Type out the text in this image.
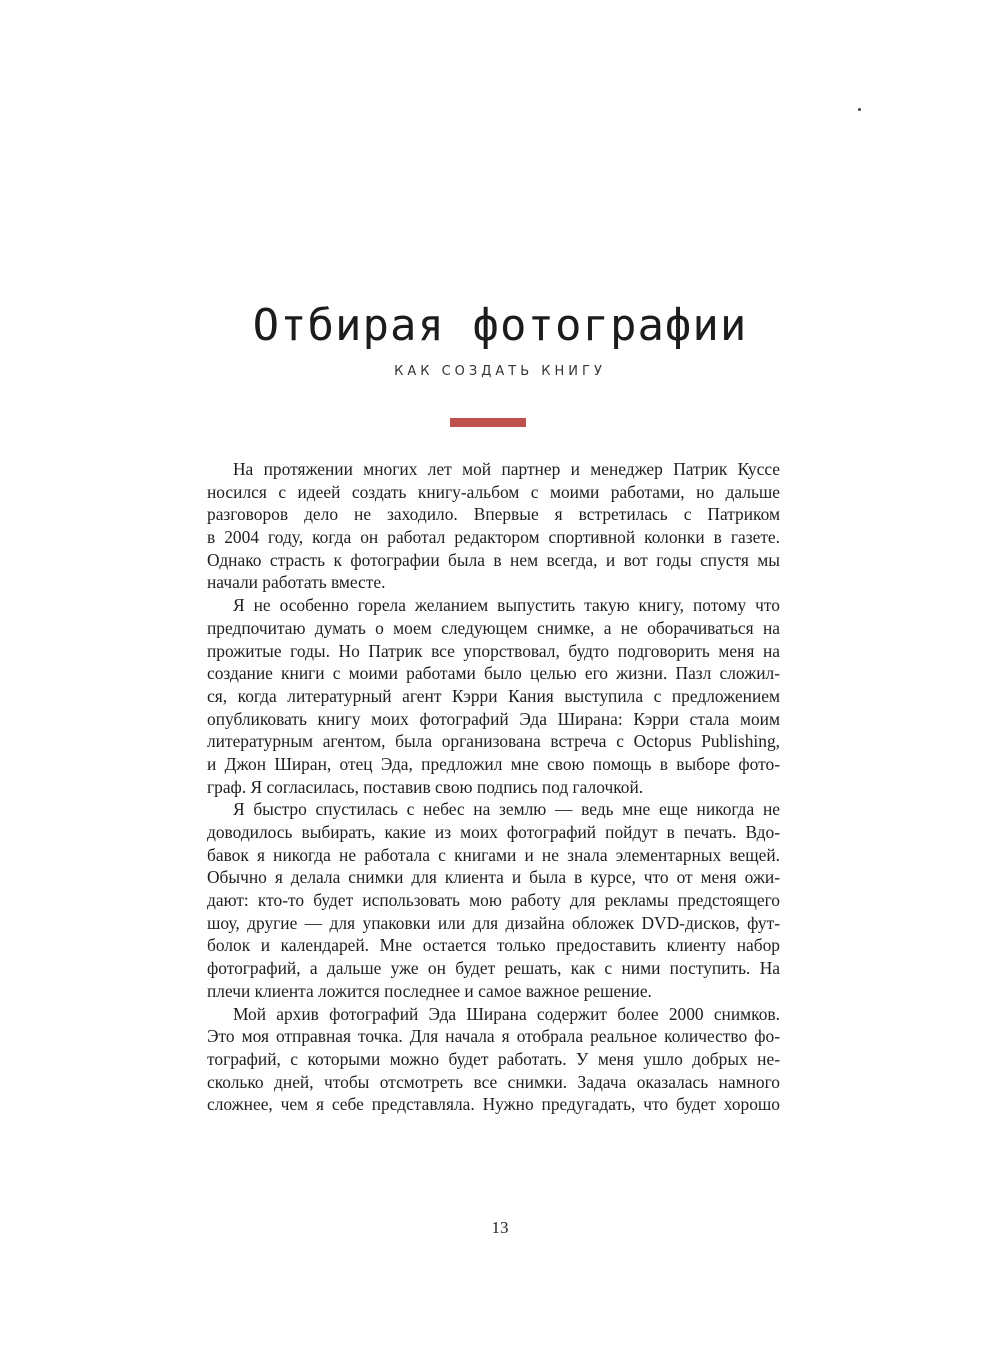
Отбирая фотографии
КАК СОЗДАТЬ КНИГУ

На протяжении многих лет мой партнер и менеджер Патрик Куссе
носился с идеей создать книгу-альбом с моими работами, но дальше
разговоров дело не заходило. Впервые я встретилась с Патриком
в 2004 году, когда он работал редактором спортивной колонки в газете.
Однако страсть к фотографии была в нем всегда, и вот годы спустя мы
начали работать вместе.

Я не особенно горела желанием выпустить такую книгу, потому что
предпочитаю думать о моем следующем снимке, а не оборачиваться на
прожитые годы. Но Патрик все упорствовал, будто подговорить меня на
создание книги с моими работами было целью его жизни. Пазл сложил-
ся, когда литературный агент Кэрри Кания выступила с предложением
опубликовать книгу моих фотографий Эда Ширана: Кэрри стала моим
литературным агентом, была организована встреча с Octopus Publishing,
и Джон Ширан, отец Эда, предложил мне свою помощь в выборе фото-
граф. Я согласилась, поставив свою подпись под галочкой.

Я быстро спустилась с небес на землю — ведь мне еще никогда не
доводилось выбирать, какие из моих фотографий пойдут в печать. Вдо-
бавок я никогда не работала с книгами и не знала элементарных вещей.
Обычно я делала снимки для клиента и была в курсе, что от меня ожи-
дают: кто-то будет использовать мою работу для рекламы предстоящего
шоу, другие — для упаковки или для дизайна обложек DVD-дисков, фут-
болок и календарей. Мне остается только предоставить клиенту набор
фотографий, а дальше уже он будет решать, как с ними поступить. На
плечи клиента ложится последнее и самое важное решение.

Мой архив фотографий Эда Ширана содержит более 2000 снимков.
Это моя отправная точка. Для начала я отобрала реальное количество фо-
тографий, с которыми можно будет работать. У меня ушло добрых не-
сколько дней, чтобы отсмотреть все снимки. Задача оказалась намного
сложнее, чем я себе представляла. Нужно предугадать, что будет хорошо

13
